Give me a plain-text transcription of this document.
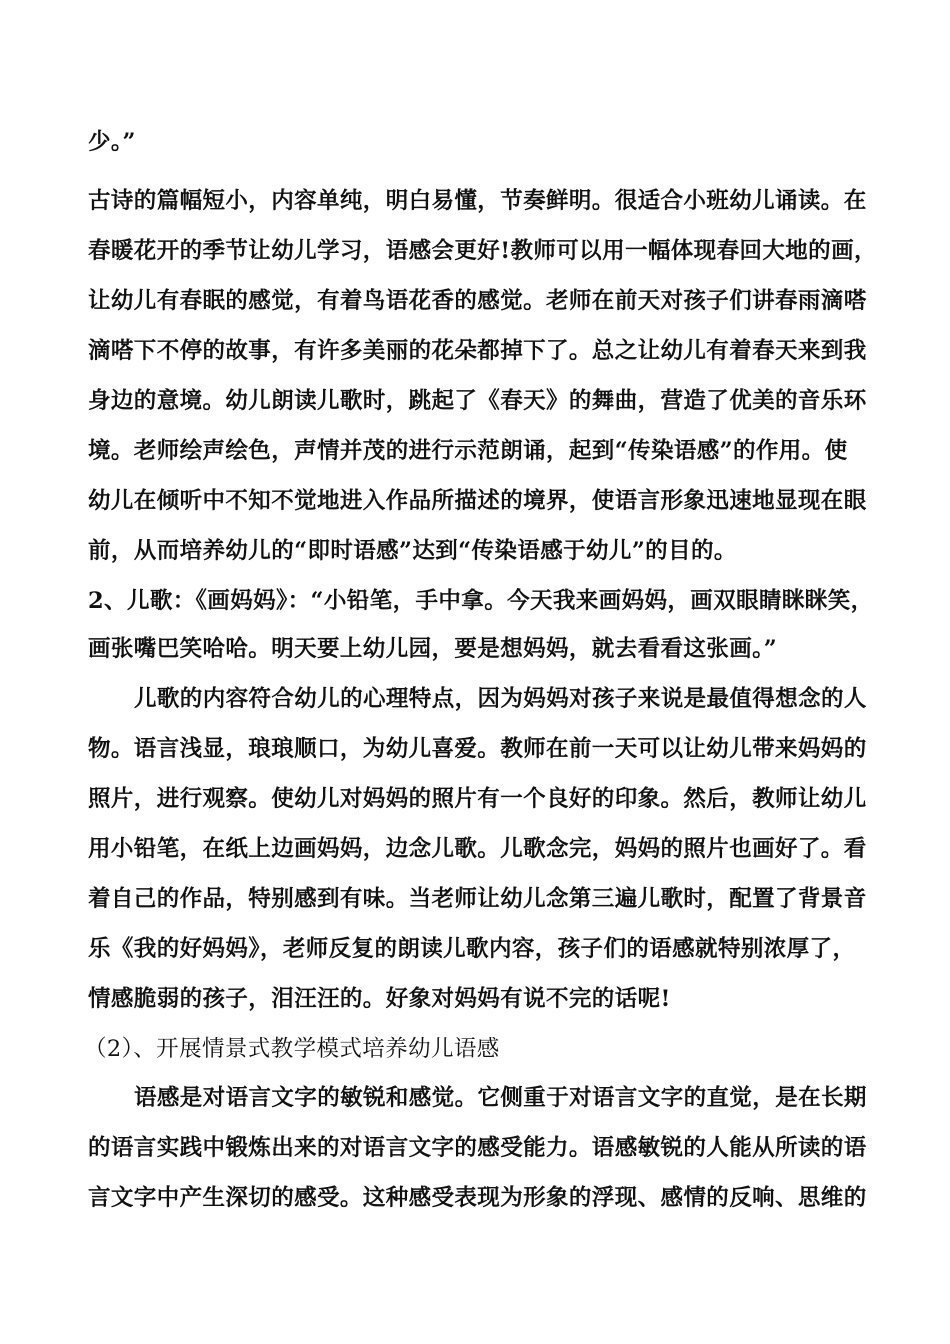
少。”
古诗的篇幅短小，内容单纯，明白易懂，节奏鲜明。很适合小班幼儿诵读。在
春暖花开的季节让幼儿学习，语感会更好!教师可以用一幅体现春回大地的画，
让幼儿有春眠的感觉，有着鸟语花香的感觉。老师在前天对孩子们讲春雨滴嗒
滴嗒下不停的故事，有许多美丽的花朵都掉下了。总之让幼儿有着春天来到我
身边的意境。幼儿朗读儿歌时，跳起了《春天》的舞曲，营造了优美的音乐环
境。老师绘声绘色，声情并茂的进行示范朗诵，起到“传染语感”的作用。使
幼儿在倾听中不知不觉地进入作品所描述的境界，使语言形象迅速地显现在眼
前，从而培养幼儿的“即时语感”达到“传染语感于幼儿”的目的。
2、儿歌：《画妈妈》：“小铅笔，手中拿。今天我来画妈妈，画双眼睛眯眯笑，
画张嘴巴笑哈哈。明天要上幼儿园，要是想妈妈，就去看看这张画。”
儿歌的内容符合幼儿的心理特点，因为妈妈对孩子来说是最值得想念的人
物。语言浅显，琅琅顺口，为幼儿喜爱。教师在前一天可以让幼儿带来妈妈的
照片，进行观察。使幼儿对妈妈的照片有一个良好的印象。然后，教师让幼儿
用小铅笔，在纸上边画妈妈，边念儿歌。儿歌念完，妈妈的照片也画好了。看
着自己的作品，特别感到有味。当老师让幼儿念第三遍儿歌时，配置了背景音
乐《我的好妈妈》，老师反复的朗读儿歌内容，孩子们的语感就特别浓厚了，
情感脆弱的孩子，泪汪汪的。好象对妈妈有说不完的话呢!
（2）、开展情景式教学模式培养幼儿语感
语感是对语言文字的敏锐和感觉。它侧重于对语言文字的直觉，是在长期
的语言实践中锻炼出来的对语言文字的感受能力。语感敏锐的人能从所读的语
言文字中产生深切的感受。这种感受表现为形象的浮现、感情的反响、思维的
